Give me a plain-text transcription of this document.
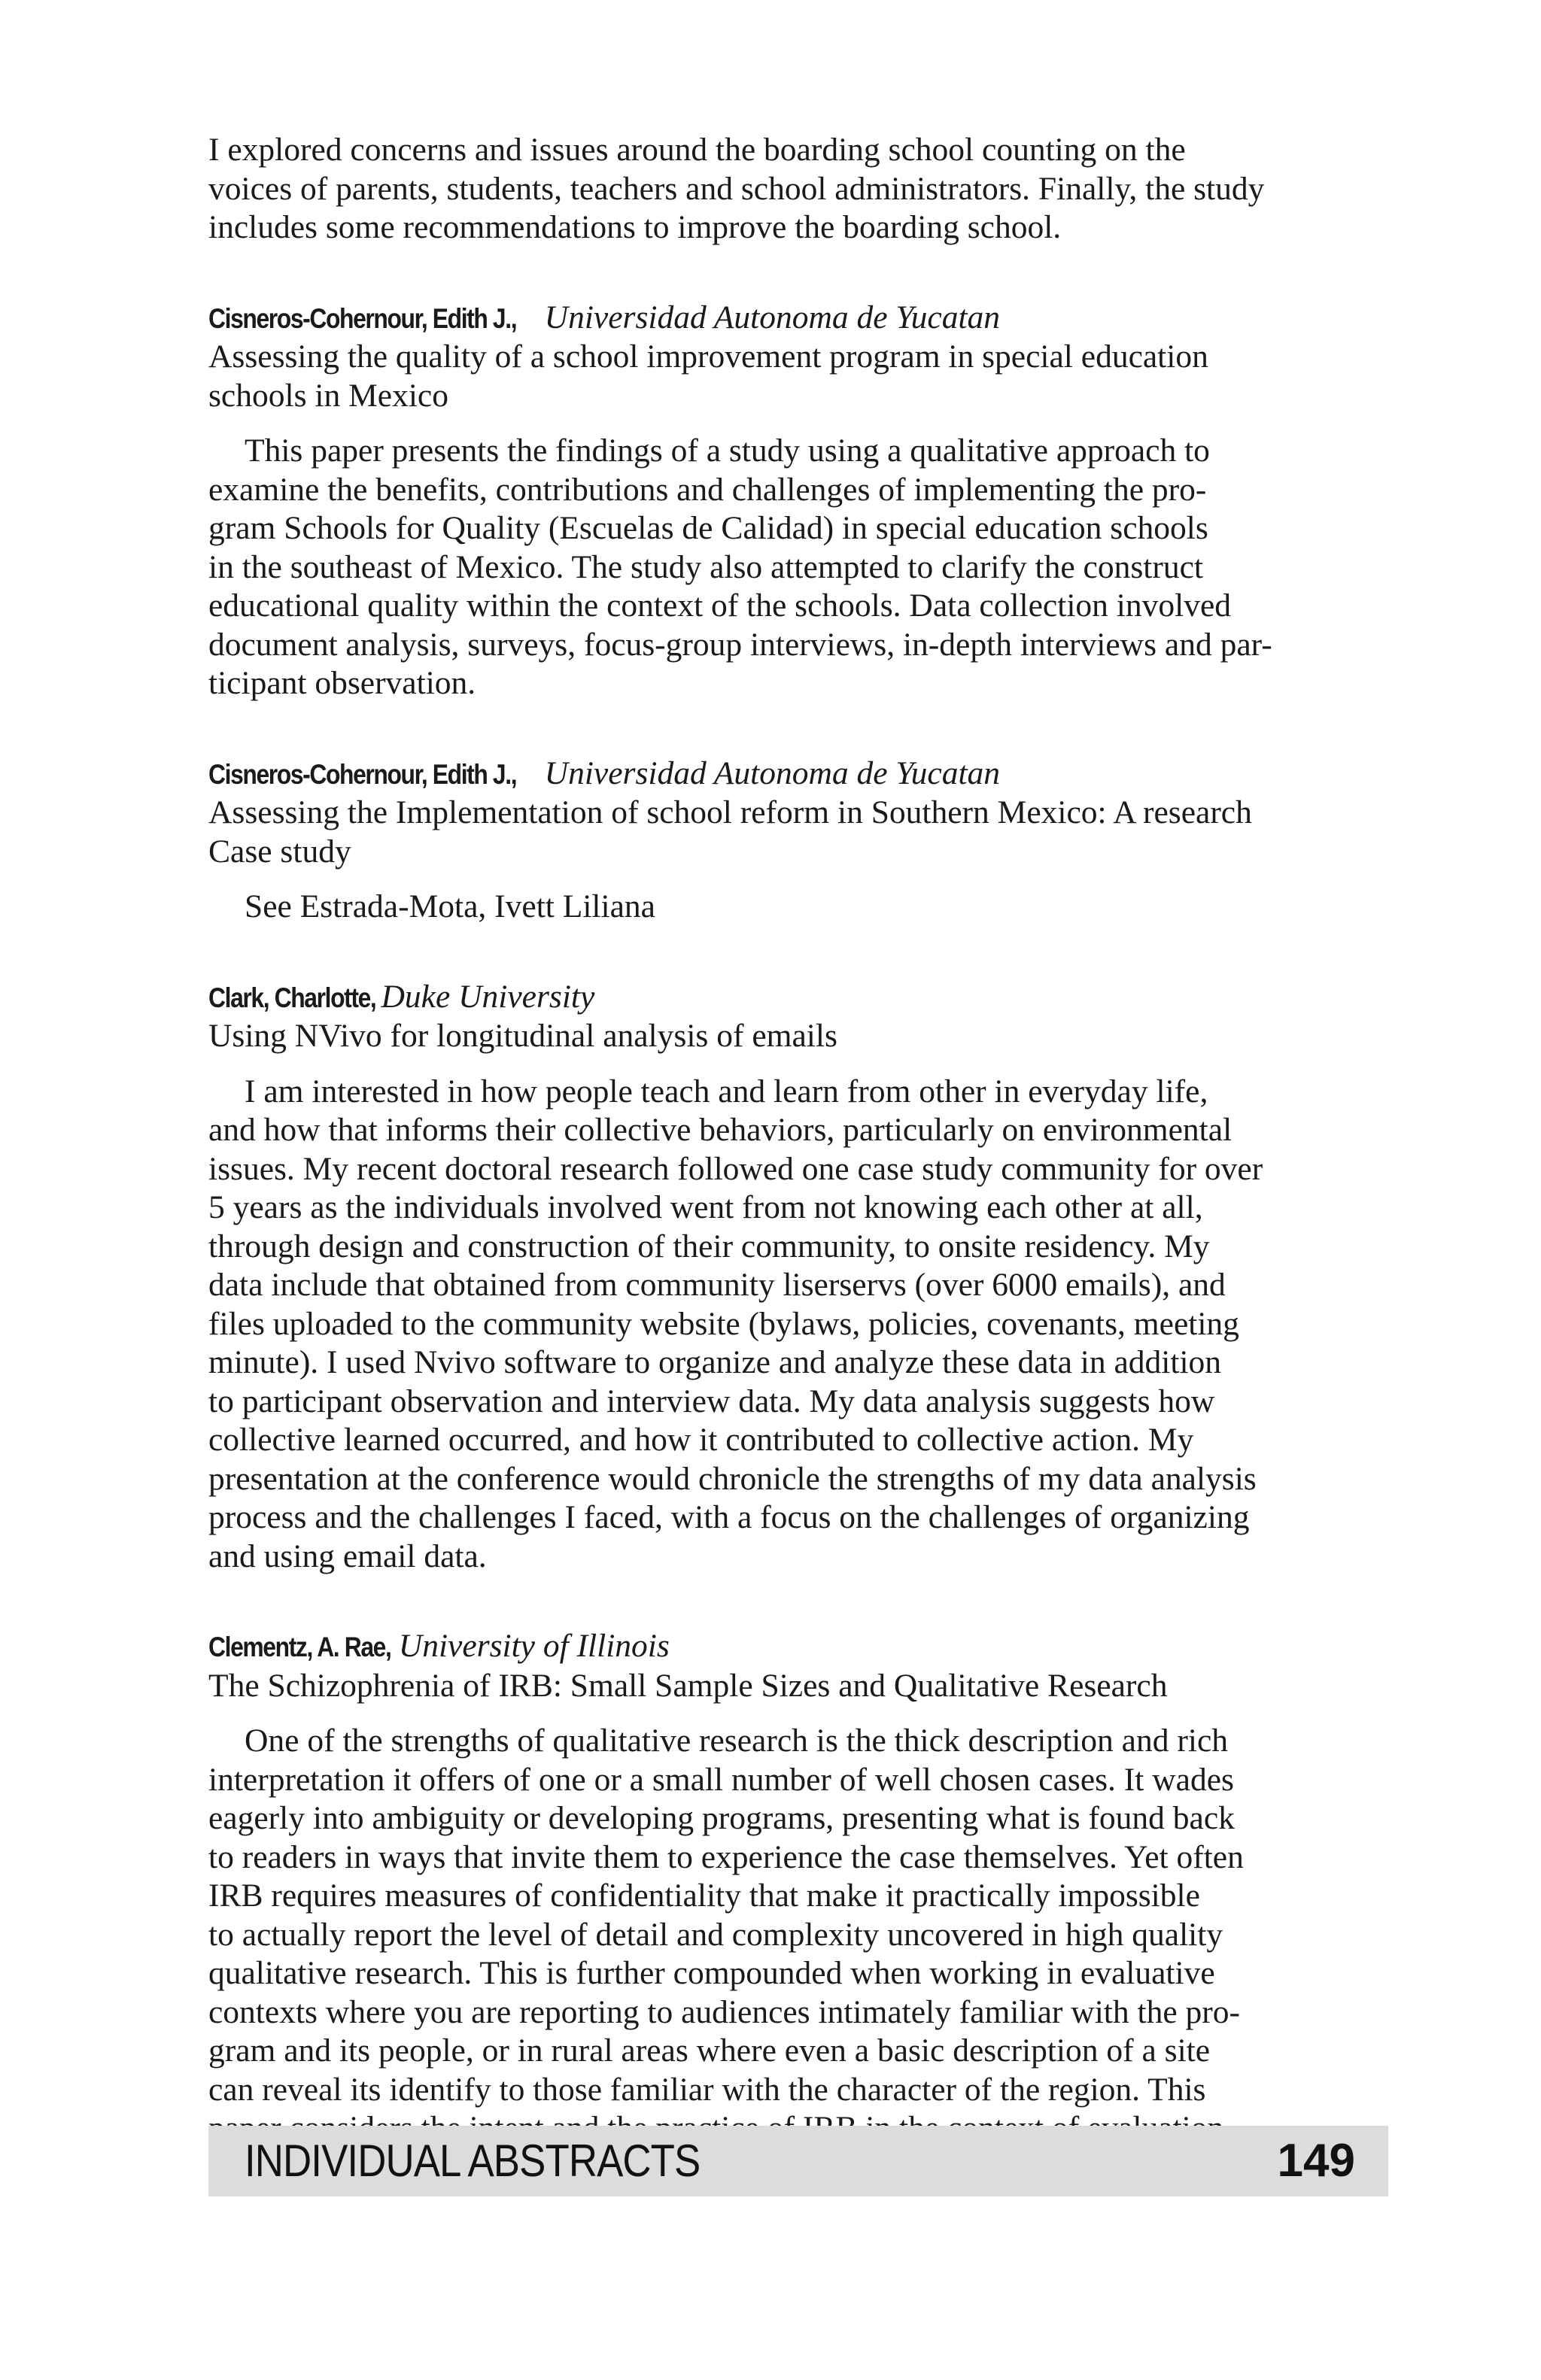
I explored concerns and issues around the boarding school counting on the
voices of parents, students, teachers and school administrators. Finally, the study
includes some recommendations to improve the boarding school.

Cisneros-Cohernour, Edith J., Universidad Autonoma de Yucatan

Assessing the quality of a school improvement program in special education
schools in Mexico

This paper presents the findings of a study using a qualitative approach to
examine the benefits, contributions and challenges of implementing the pro-
gram Schools for Quality (Escuelas de Calidad) in special education schools
in the southeast of Mexico. The study also attempted to clarify the construct
educational quality within the context of the schools. Data collection involved
document analysis, surveys, focus-group interviews, in-depth interviews and par-
ticipant observation.

Cisneros-Cohernour, Edith J., Universidad Autonoma de Yucatan

Assessing the Implementation of school reform in Southern Mexico: A research
Case study

See Estrada-Mota, Ivett Liliana

Clark, Charlotte, Duke University

Using NVivo for longitudinal analysis of emails

I am interested in how people teach and learn from other in everyday life,
and how that informs their collective behaviors, particularly on environmental
issues. My recent doctoral research followed one case study community for over
5 years as the individuals involved went from not knowing each other at all,
through design and construction of their community, to onsite residency. My
data include that obtained from community liserservs (over 6000 emails), and
files uploaded to the community website (bylaws, policies, covenants, meeting
minute). I used Nvivo software to organize and analyze these data in addition
to participant observation and interview data. My data analysis suggests how
collective learned occurred, and how it contributed to collective action. My
presentation at the conference would chronicle the strengths of my data analysis
process and the challenges I faced, with a focus on the challenges of organizing
and using email data.

Clementz, A. Rae, University of Illinois

The Schizophrenia of IRB: Small Sample Sizes and Qualitative Research

One of the strengths of qualitative research is the thick description and rich
interpretation it offers of one or a small number of well chosen cases. It wades
eagerly into ambiguity or developing programs, presenting what is found back
to readers in ways that invite them to experience the case themselves. Yet often
IRB requires measures of confidentiality that make it practically impossible
to actually report the level of detail and complexity uncovered in high quality
qualitative research. This is further compounded when working in evaluative
contexts where you are reporting to audiences intimately familiar with the pro-
gram and its people, or in rural areas where even a basic description of a site
can reveal its identify to those familiar with the character of the region. This

INDIVIDUAL ABSTRACTS	149
